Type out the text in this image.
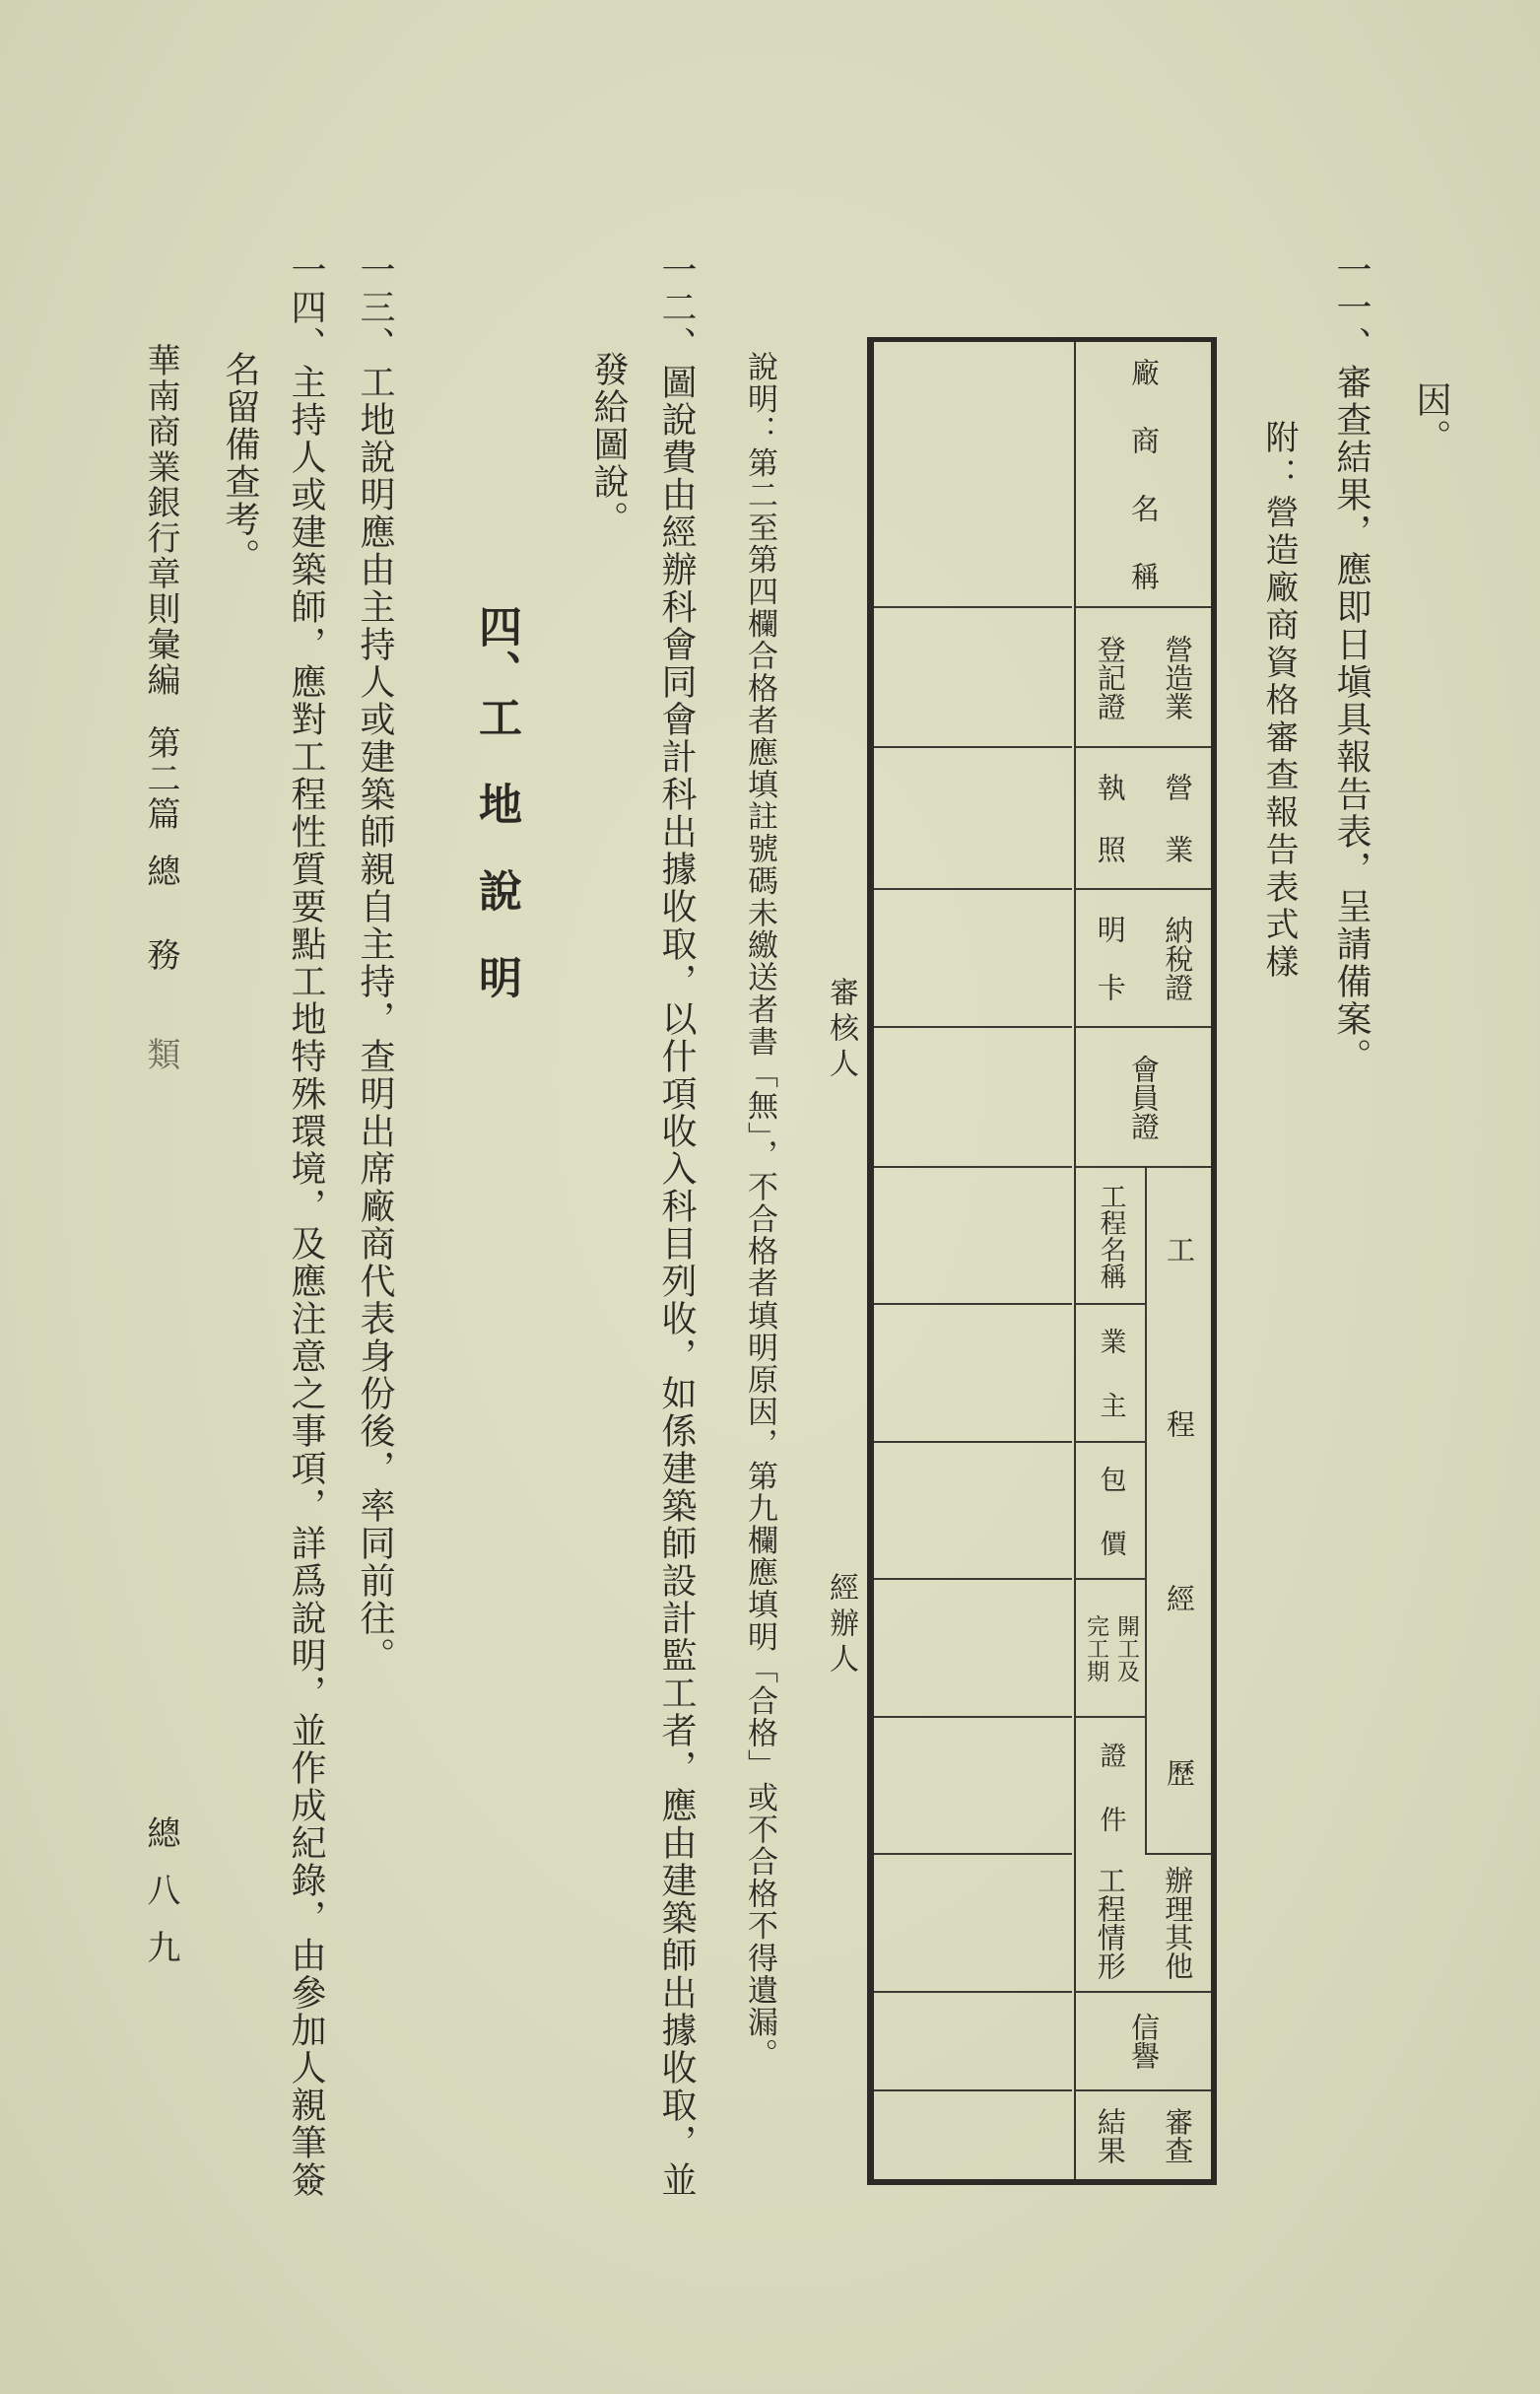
因。
一一、審查結果，應即日塡具報告表，呈請備案。
附：營造廠商資格審查報告表式樣
廠商名稱
營造業
登記證
營業
執照
納稅證
明卡
會員證
工程經歷
工程名稱
業主
包價
開工及
完工期
證件
辦理其他
工程情形
信譽
審查
結果
審核人
經辦人
說明：第二至第四欄合格者應填註號碼未繳送者書「無」，不合格者填明原因，第九欄應填明「合格」或不合格不得遺漏。
一二、圖說費由經辦科會同會計科出據收取，以什項收入科目列收，如係建築師設計監工者，應由建築師出據收取，並
發給圖說。
四、工地說明
一三、工地說明應由主持人或建築師親自主持，查明出席廠商代表身份後，率同前往。
一四、主持人或建築師，應對工程性質要點工地特殊環境，及應注意之事項，詳爲說明，並作成紀錄，由參加人親筆簽
名留備查考。
華南商業銀行章則彙編
第二篇
總務
類
總八九
